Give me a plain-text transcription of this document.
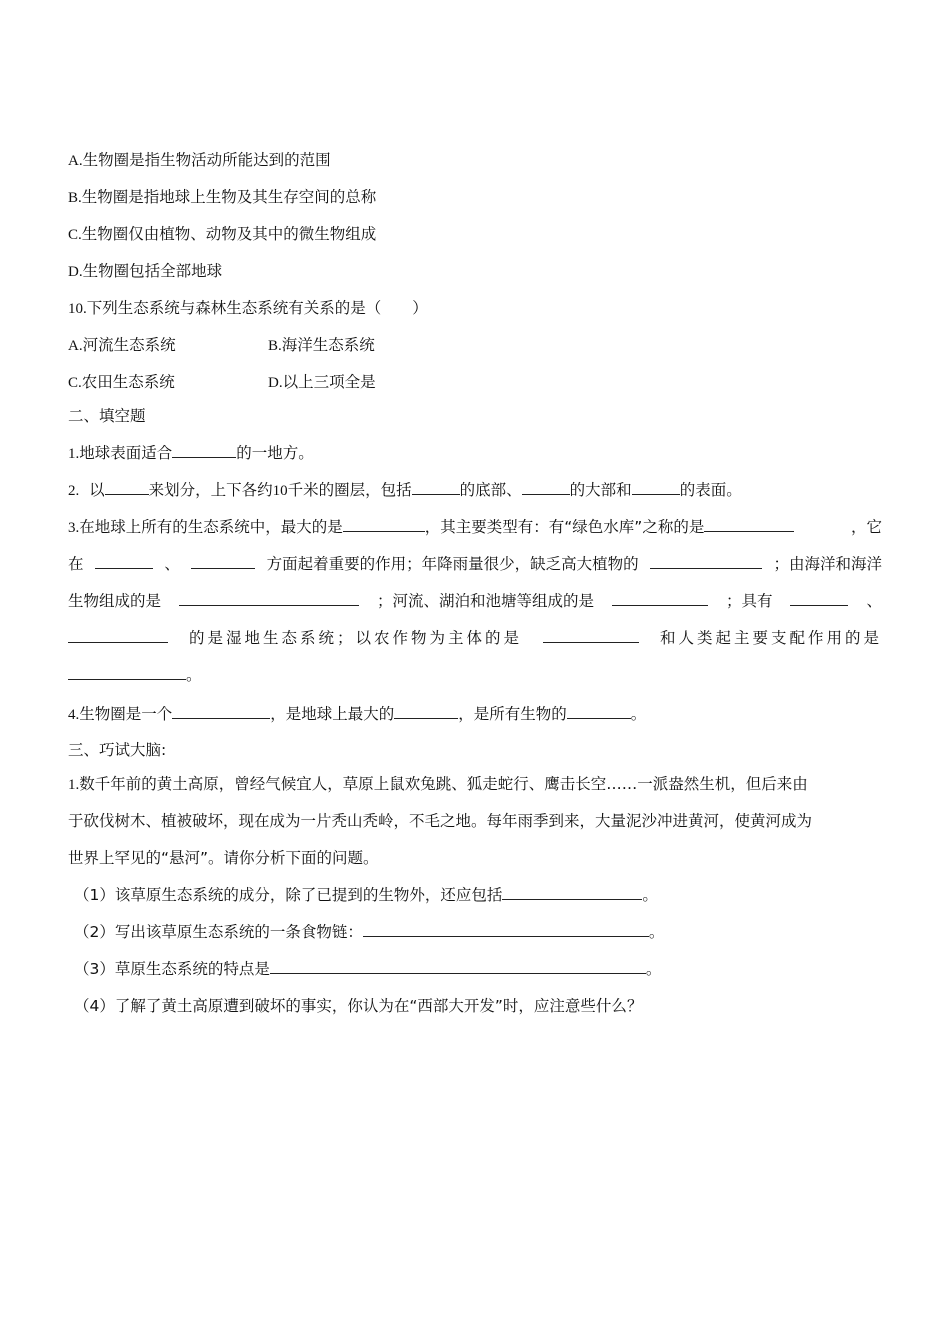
A.生物圈是指生物活动所能达到的范围
B.生物圈是指地球上生物及其生存空间的总称
C.生物圈仅由植物、动物及其中的微生物组成
D.生物圈包括全部地球
10.下列生态系统与森林生态系统有关系的是（　　）
A.河流生态系统	B.海洋生态系统
C.农田生态系统	D.以上三项全是
二、填空题
1.地球表面适合	的一地方。
2. 以	来划分，上下各约10千米的圈层，包括	的底部、	的大部和	的表面。
3.在地球上所有的生态系统中，最大的是	，其主要类型有：有“绿色水库”之称的是	，它
在	、	方面起着重要的作用；年降雨量很少，缺乏高大植物的	；由海洋和海洋
生物组成的是	；河流、湖泊和池塘等组成的是	；具有	、
的是湿地生态系统；以农作物为主体的是	和人类起主要支配作用的是
。
4.生物圈是一个	，是地球上最大的	，是所有生物的	。
三、巧试大脑:
1.数千年前的黄土高原，曾经气候宜人，草原上鼠欢兔跳、狐走蛇行、鹰击长空……一派盎然生机，但后来由
于砍伐树木、植被破坏，现在成为一片秃山秃岭，不毛之地。每年雨季到来，大量泥沙冲进黄河，使黄河成为
世界上罕见的“悬河”。请你分析下面的问题。
（1）该草原生态系统的成分，除了已提到的生物外，还应包括	。
（2）写出该草原生态系统的一条食物链：	。
（3）草原生态系统的特点是	。
（4）了解了黄土高原遭到破坏的事实，你认为在“西部大开发”时，应注意些什么？
